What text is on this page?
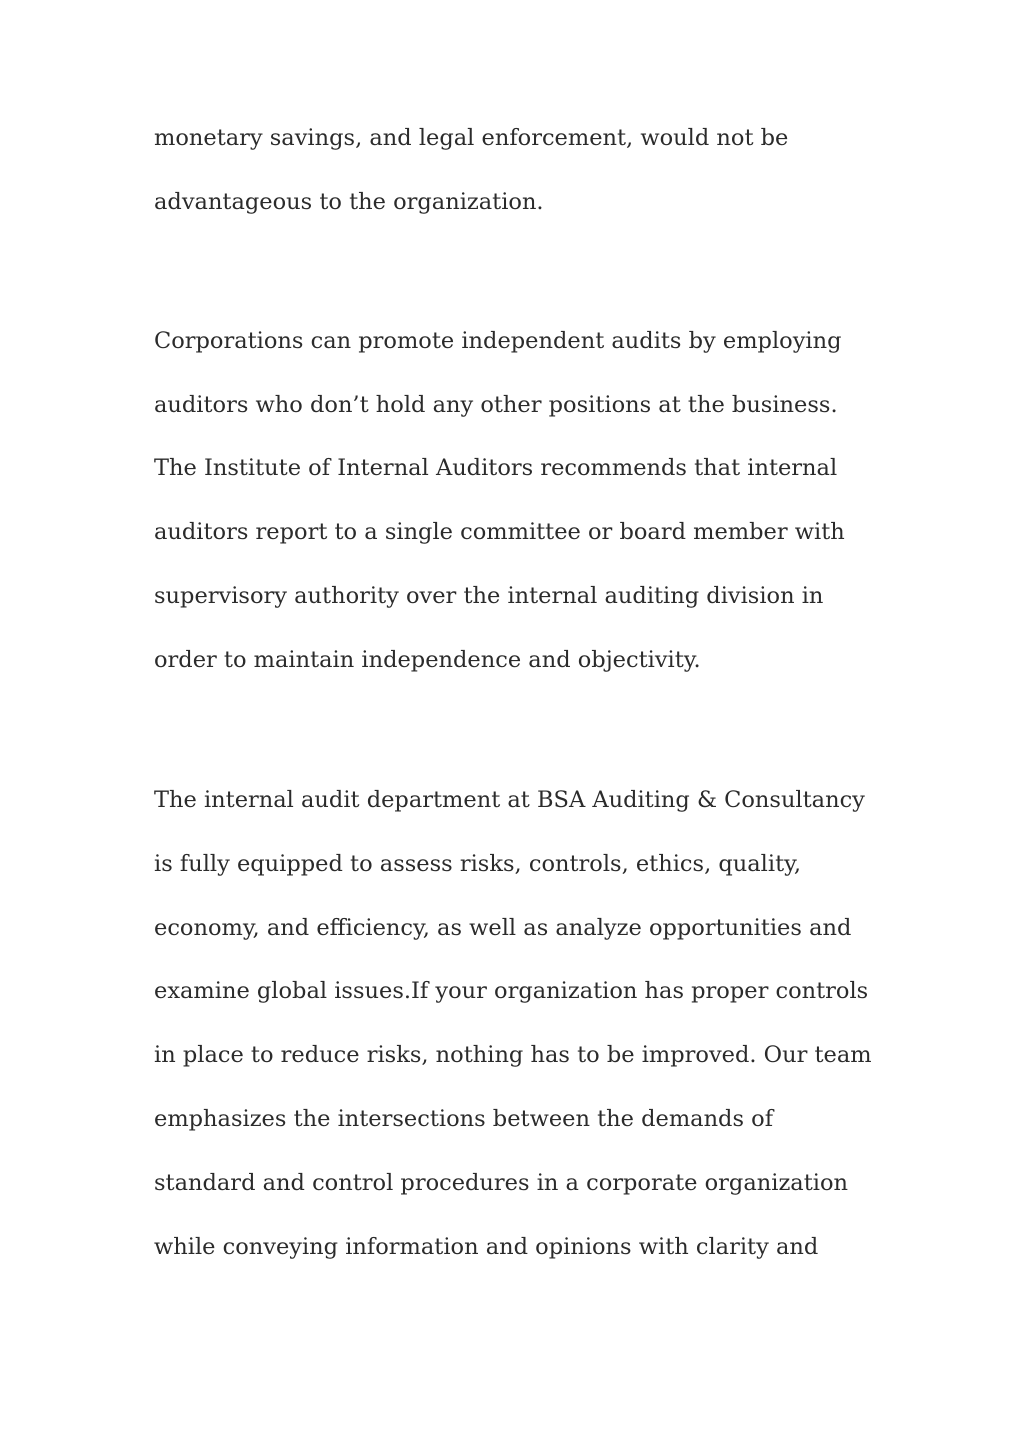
monetary savings, and legal enforcement, would not be
advantageous to the organization.
Corporations can promote independent audits by employing
auditors who don’t hold any other positions at the business.
The Institute of Internal Auditors recommends that internal
auditors report to a single committee or board member with
supervisory authority over the internal auditing division in
order to maintain independence and objectivity.
The internal audit department at BSA Auditing & Consultancy
is fully equipped to assess risks, controls, ethics, quality,
economy, and efficiency, as well as analyze opportunities and
examine global issues.If your organization has proper controls
in place to reduce risks, nothing has to be improved. Our team
emphasizes the intersections between the demands of
standard and control procedures in a corporate organization
while conveying information and opinions with clarity and
